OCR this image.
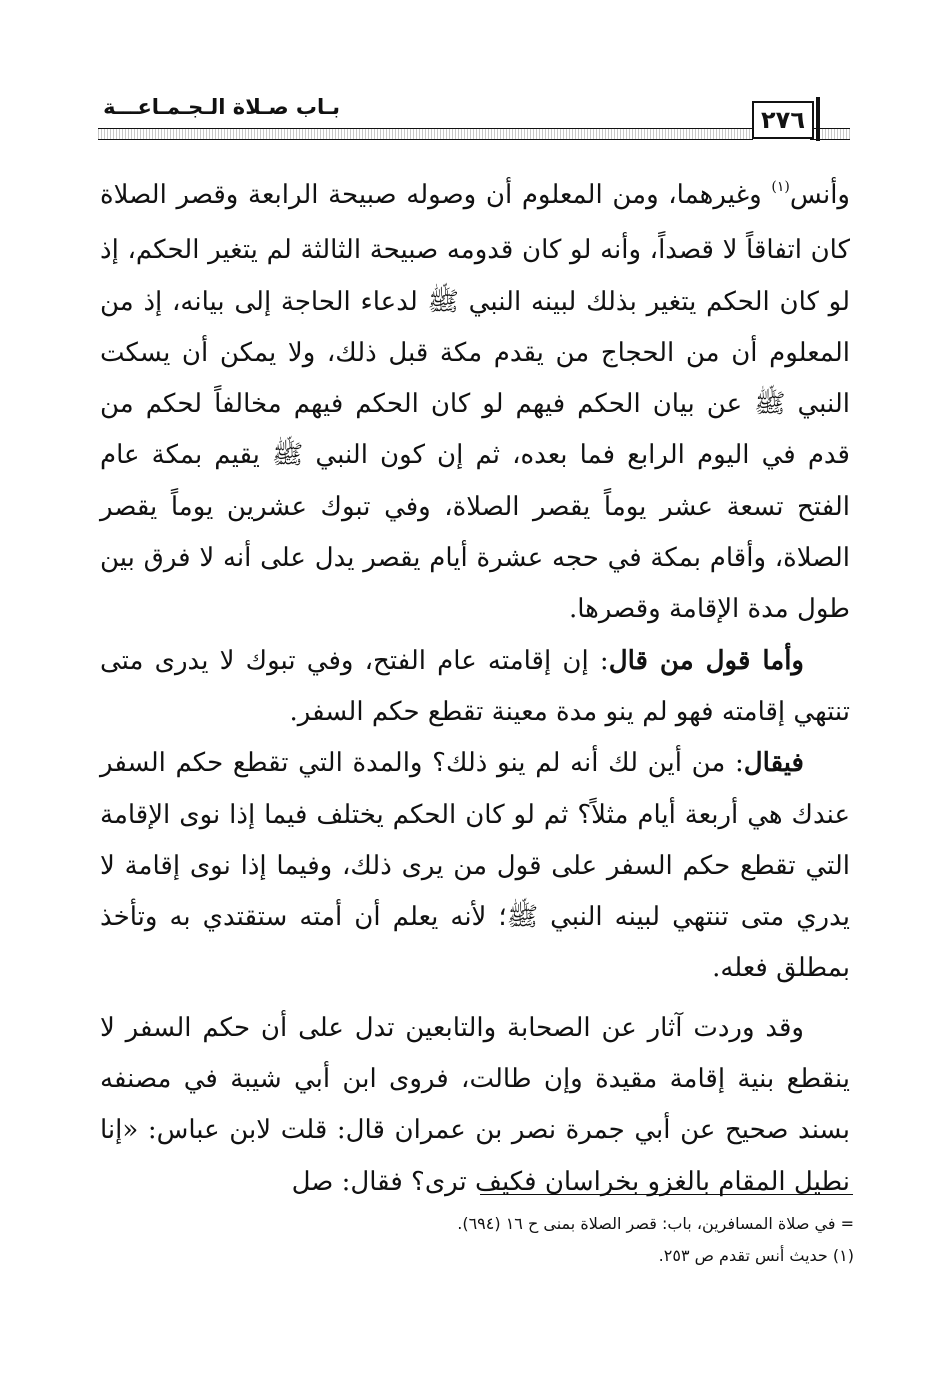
بـاب صـلاة الـجـمـاعـــة	٢٧٦

وأنس$^{(١)}$ وغيرهما، ومن المعلوم أن وصوله صبيحة الرابعة وقصر الصلاة كان اتفاقاً لا قصداً، وأنه لو كان قدومه صبيحة الثالثة لم يتغير الحكم، إذ لو كان الحكم يتغير بذلك لبينه النبي ﷺ لدعاء الحاجة إلى بيانه، إذ من المعلوم أن من الحجاج من يقدم مكة قبل ذلك، ولا يمكن أن يسكت النبي ﷺ عن بيان الحكم فيهم لو كان الحكم فيهم مخالفاً لحكم من قدم في اليوم الرابع فما بعده، ثم إن كون النبي ﷺ يقيم بمكة عام الفتح تسعة عشر يوماً يقصر الصلاة، وفي تبوك عشرين يوماً يقصر الصلاة، وأقام بمكة في حجه عشرة أيام يقصر يدل على أنه لا فرق بين طول مدة الإقامة وقصرها.

وأما قول من قال: إن إقامته عام الفتح، وفي تبوك لا يدرى متى تنتهي إقامته فهو لم ينو مدة معينة تقطع حكم السفر.

فيقال: من أين لك أنه لم ينو ذلك؟ والمدة التي تقطع حكم السفر عندك هي أربعة أيام مثلاً؟ ثم لو كان الحكم يختلف فيما إذا نوى الإقامة التي تقطع حكم السفر على قول من يرى ذلك، وفيما إذا نوى إقامة لا يدري متى تنتهي لبينه النبي ﷺ؛ لأنه يعلم أن أمته ستقتدي به وتأخذ بمطلق فعله.

وقد وردت آثار عن الصحابة والتابعين تدل على أن حكم السفر لا ينقطع بنية إقامة مقيدة وإن طالت، فروى ابن أبي شيبة في مصنفه بسند صحيح عن أبي جمرة نصر بن عمران قال: قلت لابن عباس: «إنا نطيل المقام بالغزو بخراسان فكيف ترى؟ فقال: صل

= في صلاة المسافرين، باب: قصر الصلاة بمنى ح ١٦ (٦٩٤).
(١) حديث أنس تقدم ص ٢٥٣.
